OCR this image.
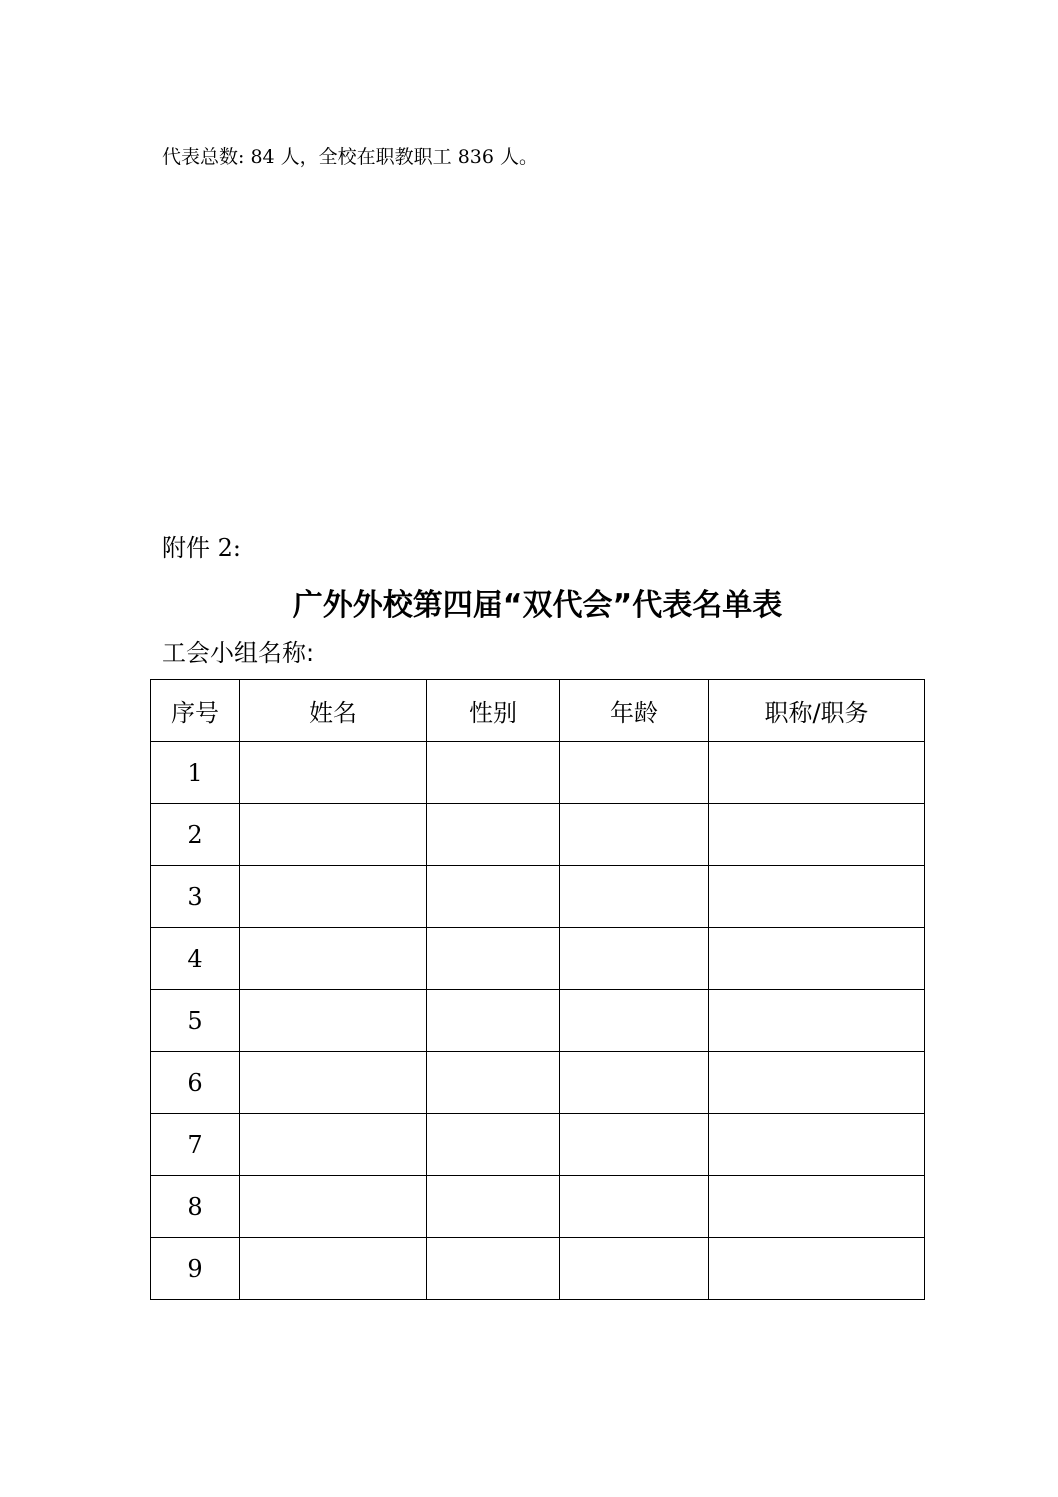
代表总数: 84 人，全校在职教职工 836 人。
附件 2:
广外外校第四届“双代会”代表名单表
工会小组名称:
序号	姓名	性别	年龄	职称/职务
1				
2				
3				
4				
5				
6				
7				
8				
9				
